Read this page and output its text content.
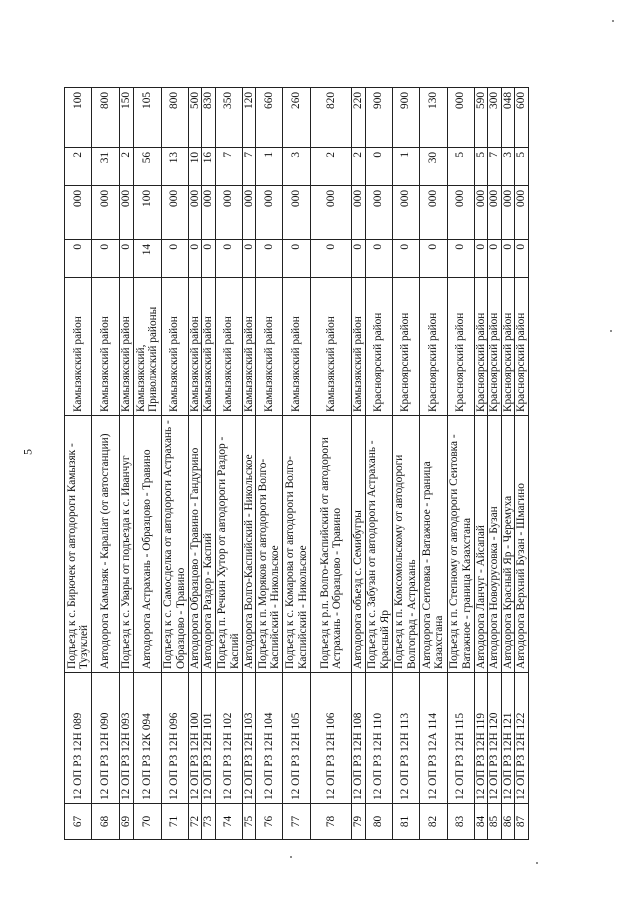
5
67	12 ОП РЗ 12Н 089	Подъезд к с. Бирючек от автодороги Камызяк - Тузуклей	Камызякский район	0	000	2	100
68	12 ОП РЗ 12Н 090	Автодорога Камызяк - Караліат (от автостанции)	Камызякский район	0	000	31	800
69	12 ОП РЗ 12Н 093	Подъезд к с. Увары от подъезда к с. Иванчуг	Камызякский район	0	000	2	150
70	12 ОП РЗ 12К 094	Автодорога Астрахань - Образцово - Травино	Камызякский, Приволжский районы	14	100	56	105
71	12 ОП РЗ 12Н 096	Подъезд к с. Самосделка от автодороги Астрахань - Образцово - Травино	Камызякский район	0	000	13	800
72	12 ОП РЗ 12Н 100	Автодорога Образцово - Травино - Гандурино	Камызякский район	0	000	10	500
73	12 ОП РЗ 12Н 101	Автодорога Раздор - Каспий	Камызякский район	0	000	16	830
74	12 ОП РЗ 12Н 102	Подъезд п. Речкин Хутор от автодороги Раздор - Каспий	Камызякский район	0	000	7	350
75	12 ОП РЗ 12Н 103	Автодорога Волго-Каспийский - Никольское	Камызякский район	0	000	7	120
76	12 ОП РЗ 12Н 104	Подъезд к п. Моряков от автодороги Волго-Каспийский - Никольское	Камызякский район	0	000	1	660
77	12 ОП РЗ 12Н 105	Подъезд к с. Комарова от автодороги Волго-Каспийский - Никольское	Камызякский район	0	000	3	260
78	12 ОП РЗ 12Н 106	Подъезд к р.п. Волго-Каспийский от автодороги Астрахань - Образцово - Травино	Камызякский район	0	000	2	820
79	12 ОП РЗ 12Н 108	Автодорога объезд с. Семибугры	Камызякский район	0	000	2	220
80	12 ОП РЗ 12Н 110	Подъезд к с. Забузан от автодороги Астрахань - Красный Яр	Красноярский район	0	000	0	900
81	12 ОП РЗ 12Н 113	Подъезд к п. Комсомольскому от автодороги Волгоград - Астрахань	Красноярский район	0	000	1	900
82	12 ОП РЗ 12А 114	Автодорога Сеитовка - Ватажное - граница Казахстана	Красноярский район	0	000	30	130
83	12 ОП РЗ 12Н 115	Подъезд к п. Степному от автодороги Сеитовка - Ватажное - граница Казахстана	Красноярский район	0	000	5	000
84	12 ОП РЗ 12Н 119	Автодорога Ланчуг - Айсапай	Красноярский район	0	000	5	590
85	12 ОП РЗ 12Н 120	Автодорога Новоурусовка - Бузан	Красноярский район	0	000	7	300
86	12 ОП РЗ 12Н 121	Автодорога Красный Яр - Черемуха	Красноярский район	0	000	3	048
87	12 ОП РЗ 12Н 122	Автодорога Верхний Бузан - Шмагино	Красноярский район	0	000	5	600
